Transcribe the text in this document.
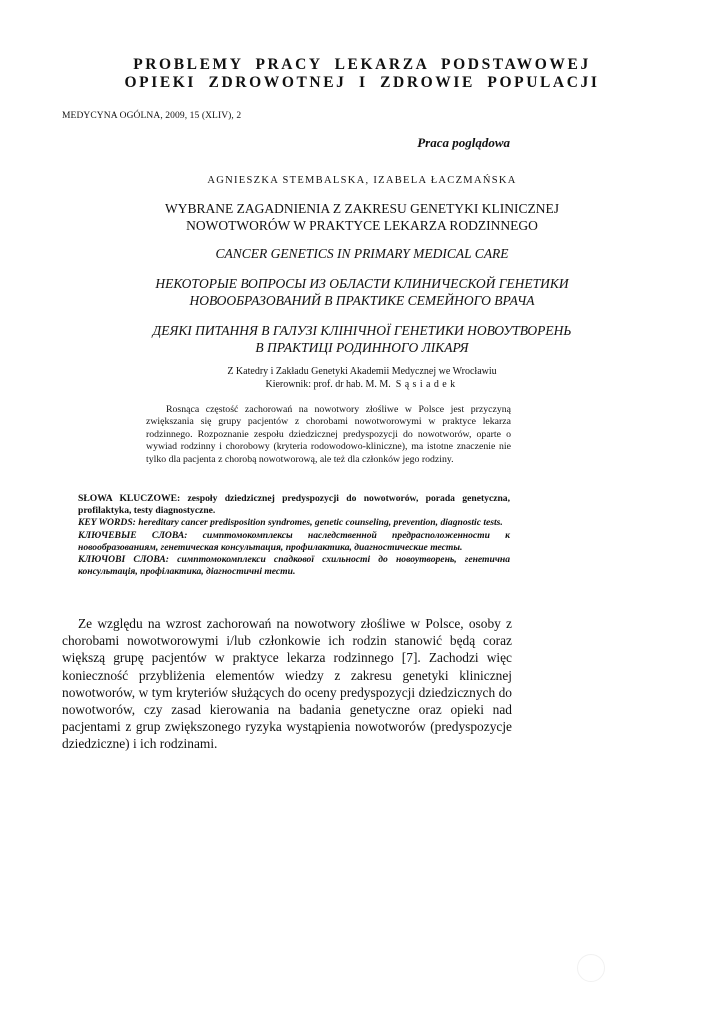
PROBLEMY PRACY LEKARZA PODSTAWOWEJ
OPIEKI ZDROWOTNEJ I ZDROWIE POPULACJI
MEDYCYNA OGÓLNA, 2009, 15 (XLIV), 2
Praca poglądowa
AGNIESZKA STEMBALSKA, IZABELA ŁACZMAŃSKA
WYBRANE ZAGADNIENIA Z ZAKRESU GENETYKI KLINICZNEJ
NOWOTWORÓW W PRAKTYCE LEKARZA RODZINNEGO
CANCER GENETICS IN PRIMARY MEDICAL CARE
НЕКОТОРЫЕ ВОПРОСЫ ИЗ ОБЛАСТИ КЛИНИЧЕСКОЙ ГЕНЕТИКИ
НОВООБРАЗОВАНИЙ В ПРАКТИКЕ СЕМЕЙНОГО ВРАЧА
ДЕЯКІ ПИТАННЯ В ГАЛУЗІ КЛІНІЧНОЇ ГЕНЕТИКИ НОВОУТВОРЕНЬ
В ПРАКТИЦІ РОДИННОГО ЛІКАРЯ
Z Katedry i Zakładu Genetyki Akademii Medycznej we Wrocławiu
Kierownik: prof. dr hab. M. M. Sąsiadek

Rosnąca częstość zachorowań na nowotwory złośliwe w Polsce jest przyczyną zwiększania się grupy pacjentów z chorobami nowotworowymi w praktyce lekarza rodzinnego. Rozpoznanie zespołu dziedzicznej predyspozycji do nowotworów, oparte o wywiad rodzinny i chorobowy (kryteria rodowodowo-kliniczne), ma istotne znaczenie nie tylko dla pacjenta z chorobą nowotworową, ale też dla członków jego rodziny.

SŁOWA KLUCZOWE: zespoły dziedzicznej predyspozycji do nowotworów, porada genetyczna, profilaktyka, testy diagnostyczne.

KEY WORDS: hereditary cancer predisposition syndromes, genetic counseling, prevention, diagnostic tests.

КЛЮЧЕВЫЕ СЛОВА: симптомокомплексы наследственной предрасположенности к новообразованиям, генетическая консультация, профилактика, диагностические тесты.

КЛЮЧОВІ СЛОВА: симптомокомплекси спадкової схильності до новоутворень, генетична консультація, профілактика, діагностичні тести.

Ze względu na wzrost zachorowań na nowotwory złośliwe w Polsce, osoby z chorobami nowotworowymi i/lub członkowie ich rodzin stanowić będą coraz większą grupę pacjentów w praktyce lekarza rodzinnego [7]. Zachodzi więc konieczność przybliżenia elementów wiedzy z zakresu genetyki klinicznej nowotworów, w tym kryteriów służących do oceny predyspozycji dziedzicznych do nowotworów, czy zasad kierowania na badania genetyczne oraz opieki nad pacjentami z grup zwiększonego ryzyka wystąpienia nowotworów (predyspozycje dziedziczne) i ich rodzinami.
